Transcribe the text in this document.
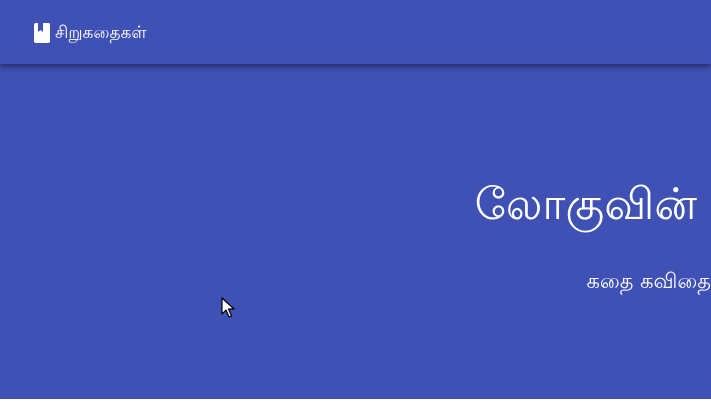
சிறுகதைகள்
லோகுவின்
கதை கவிதை
